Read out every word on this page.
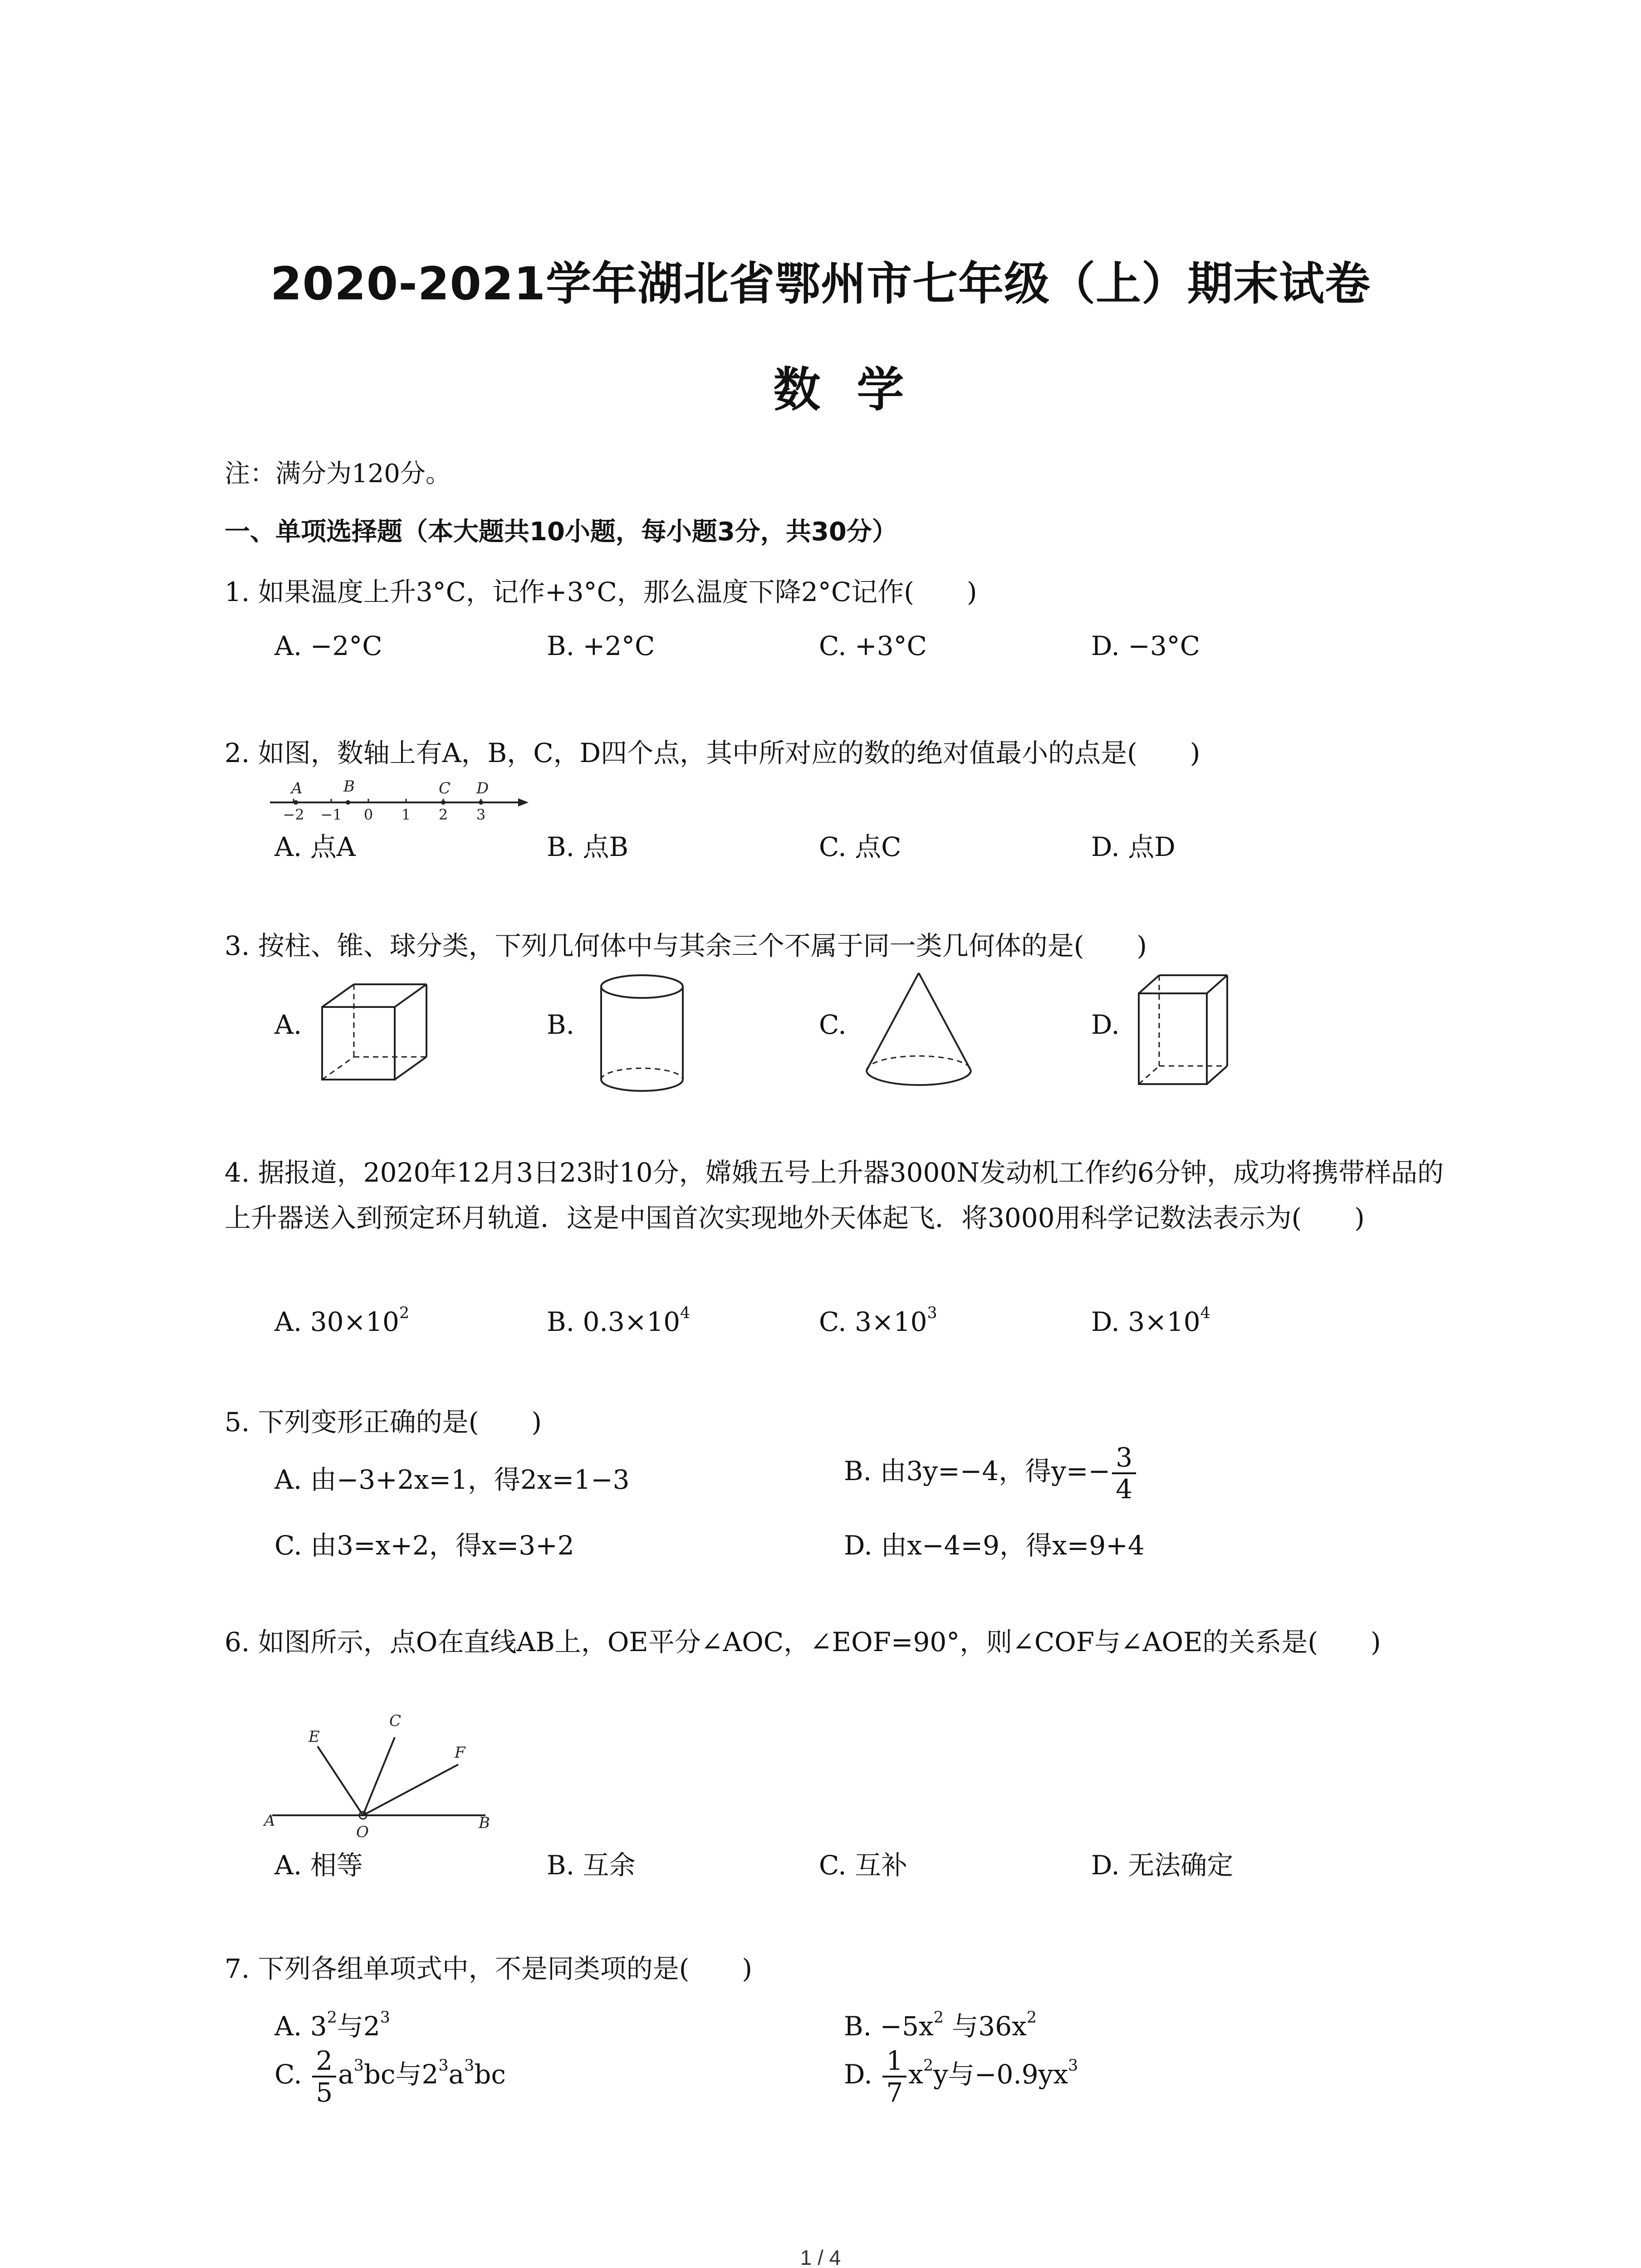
2020-2021学年湖北省鄂州市七年级（上）期末试卷
数学
注：满分为120分。
一、单项选择题（本大题共10小题，每小题3分，共30分）
1. 如果温度上升3°C，记作+3°C，那么温度下降2°C记作(　　)
A. −2°C	B. +2°C	C. +3°C	D. −3°C
2. 如图，数轴上有A，B，C，D四个点，其中所对应的数的绝对值最小的点是(　　)
A	B	C D
−2 −1 0 1 2 3
A. 点A	B. 点B	C. 点C	D. 点D
3. 按柱、锥、球分类，下列几何体中与其余三个不属于同一类几何体的是(　　)
A.	B.	C.	D.
4. 据报道，2020年12月3日23时10分，嫦娥五号上升器3000N发动机工作约6分钟，成功将携带样品的上升器送入到预定环月轨道．这是中国首次实现地外天体起飞．将3000用科学记数法表示为(　　)
A. $30\times 10^2$	B. $0.3\times 10^4$	C. $3\times 10^3$	D. $3\times 10^4$
5. 下列变形正确的是(　　)
A. 由−3+2x=1，得2x=1−3	B. 由3y=−4，得$y=- \frac{3}{4}$
C. 由3=x+2，得x=3+2	D. 由x−4=9，得x=9+4
6. 如图所示，点O在直线AB上，OE平分∠AOC，∠EOF=90°，则∠COF与∠AOE的关系是(　　)
E
C
F
A
O	B
A. 相等	B. 互余	C. 互补	D. 无法确定
7. 下列各组单项式中，不是同类项的是(　　)
A. $3^2$与$2^3$	B. $-5x^2$ 与$36x^2$
C. $\frac{2}{5} a^3bc$与$2^3a^3bc$	D. $\frac{1}{7} x^2y$与$-0.9yx^3$
1 / 4
